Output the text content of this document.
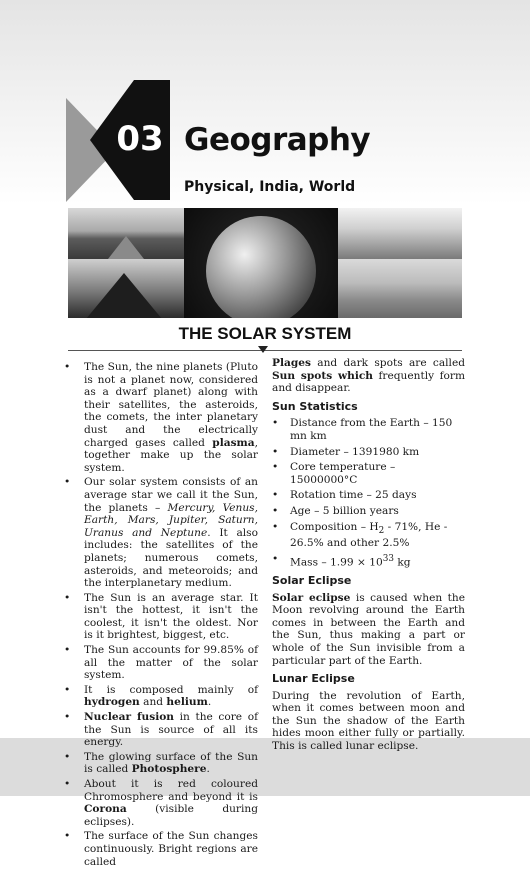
03 Geography
Physical, India, World
THE SOLAR SYSTEM
• The Sun, the nine planets (Pluto is not a planet now, considered as a dwarf planet) along with their satellites, the asteroids, the comets, the inter planetary dust and the electrically charged gases called plasma, together make up the solar system.
• Our solar system consists of an average star we call it the Sun, the planets – Mercury, Venus, Earth, Mars, Jupiter, Saturn, Uranus and Neptune. It also includes: the satellites of the planets; numerous comets, asteroids, and meteoroids; and the interplanetary medium.
• The Sun is an average star. It isn't the hottest, it isn't the coolest, it isn't the oldest. Nor is it brightest, biggest, etc.
• The Sun accounts for 99.85% of all the matter of the solar system.
• It is composed mainly of hydrogen and helium.
• Nuclear fusion in the core of the Sun is source of all its energy.
• The glowing surface of the Sun is called Photosphere.
• About it is red coloured Chromosphere and beyond it is Corona (visible during eclipses).
• The surface of the Sun changes continuously. Bright regions are called

Plages and dark spots are called Sun spots which frequently form and disappear.

Sun Statistics
• Distance from the Earth – 150 mn km
• Diameter – 1391980 km
• Core temperature – 15000000°C
• Rotation time – 25 days
• Age – 5 billion years
• Composition – $H_2 - 71\%$, He - 26.5% and other 2.5%
• Mass – $1.99 \times 10^{33}$ kg
Solar Eclipse

Solar eclipse is caused when the Moon revolving around the Earth comes in between the Earth and the Sun, thus making a part or whole of the Sun invisible from a particular part of the Earth.

Lunar Eclipse

During the revolution of Earth, when it comes between moon and the Sun the shadow of the Earth hides moon either fully or partially. This is called lunar eclipse.
